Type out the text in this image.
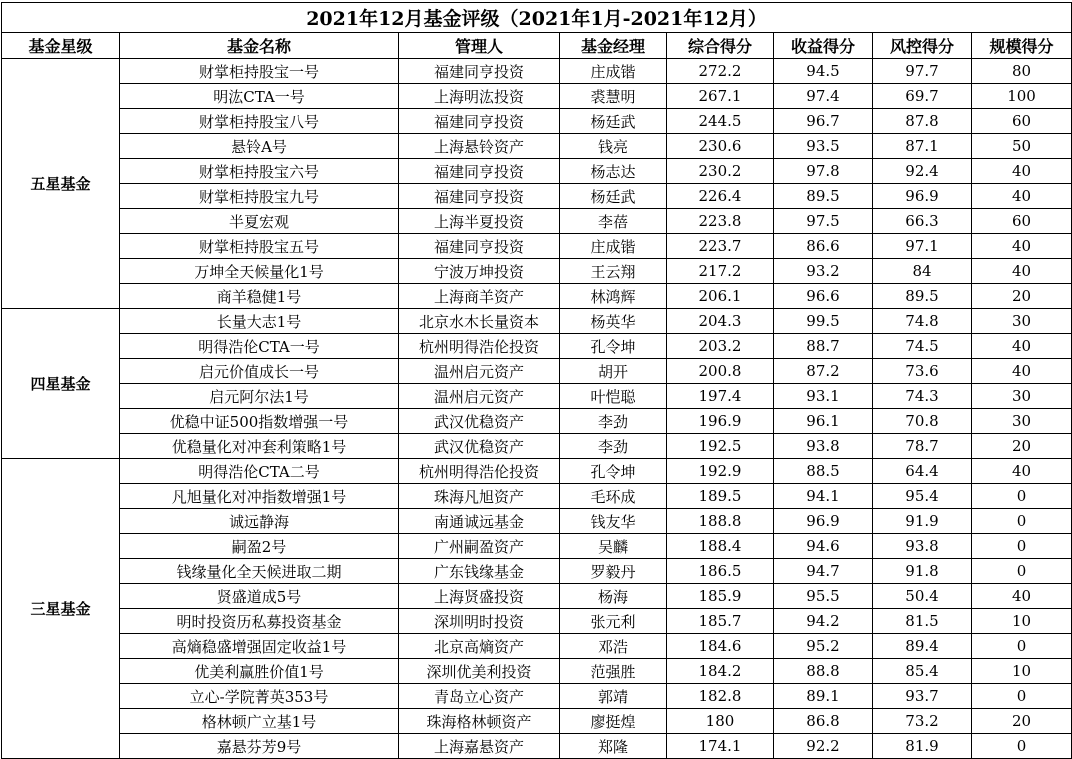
2021年12月基金评级（2021年1月-2021年12月）							
基金星级	基金名称	管理人	基金经理	综合得分	收益得分	风控得分	规模得分
五星基金	财掌柜持股宝一号	福建同亨投资	庄成锴	272.2	94.5	97.7	80
	明汯CTA一号	上海明汯投资	裘慧明	267.1	97.4	69.7	100
	财掌柜持股宝八号	福建同亨投资	杨廷武	244.5	96.7	87.8	60
	悬铃A号	上海悬铃资产	钱亮	230.6	93.5	87.1	50
	财掌柜持股宝六号	福建同亨投资	杨志达	230.2	97.8	92.4	40
	财掌柜持股宝九号	福建同亨投资	杨廷武	226.4	89.5	96.9	40
	半夏宏观	上海半夏投资	李蓓	223.8	97.5	66.3	60
	财掌柜持股宝五号	福建同亨投资	庄成锴	223.7	86.6	97.1	40
	万坤全天候量化1号	宁波万坤投资	王云翔	217.2	93.2	84	40
	商羊稳健1号	上海商羊资产	林鸿辉	206.1	96.6	89.5	20
四星基金	长量大志1号	北京水木长量资本	杨英华	204.3	99.5	74.8	30
	明得浩伦CTA一号	杭州明得浩伦投资	孔令坤	203.2	88.7	74.5	40
	启元价值成长一号	温州启元资产	胡开	200.8	87.2	73.6	40
	启元阿尔法1号	温州启元资产	叶恺聪	197.4	93.1	74.3	30
	优稳中证500指数增强一号	武汉优稳资产	李劲	196.9	96.1	70.8	30
	优稳量化对冲套利策略1号	武汉优稳资产	李劲	192.5	93.8	78.7	20
三星基金	明得浩伦CTA二号	杭州明得浩伦投资	孔令坤	192.9	88.5	64.4	40
	凡旭量化对冲指数增强1号	珠海凡旭资产	毛环成	189.5	94.1	95.4	0
	诚远静海	南通诚远基金	钱友华	188.8	96.9	91.9	0
	嗣盈2号	广州嗣盈资产	吴麟	188.4	94.6	93.8	0
	钱缘量化全天候进取二期	广东钱缘基金	罗毅丹	186.5	94.7	91.8	0
	贤盛道成5号	上海贤盛投资	杨海	185.9	95.5	50.4	40
	明时投资历私募投资基金	深圳明时投资	张元利	185.7	94.2	81.5	10
	高熵稳盛增强固定收益1号	北京高熵资产	邓浩	184.6	95.2	89.4	0
	优美利赢胜价值1号	深圳优美利投资	范强胜	184.2	88.8	85.4	10
	立心-学院菁英353号	青岛立心资产	郭靖	182.8	89.1	93.7	0
	格林顿广立基1号	珠海格林顿资产	廖挺煌	180	86.8	73.2	20
	嘉悬芬芳9号	上海嘉悬资产	郑隆	174.1	92.2	81.9	0
